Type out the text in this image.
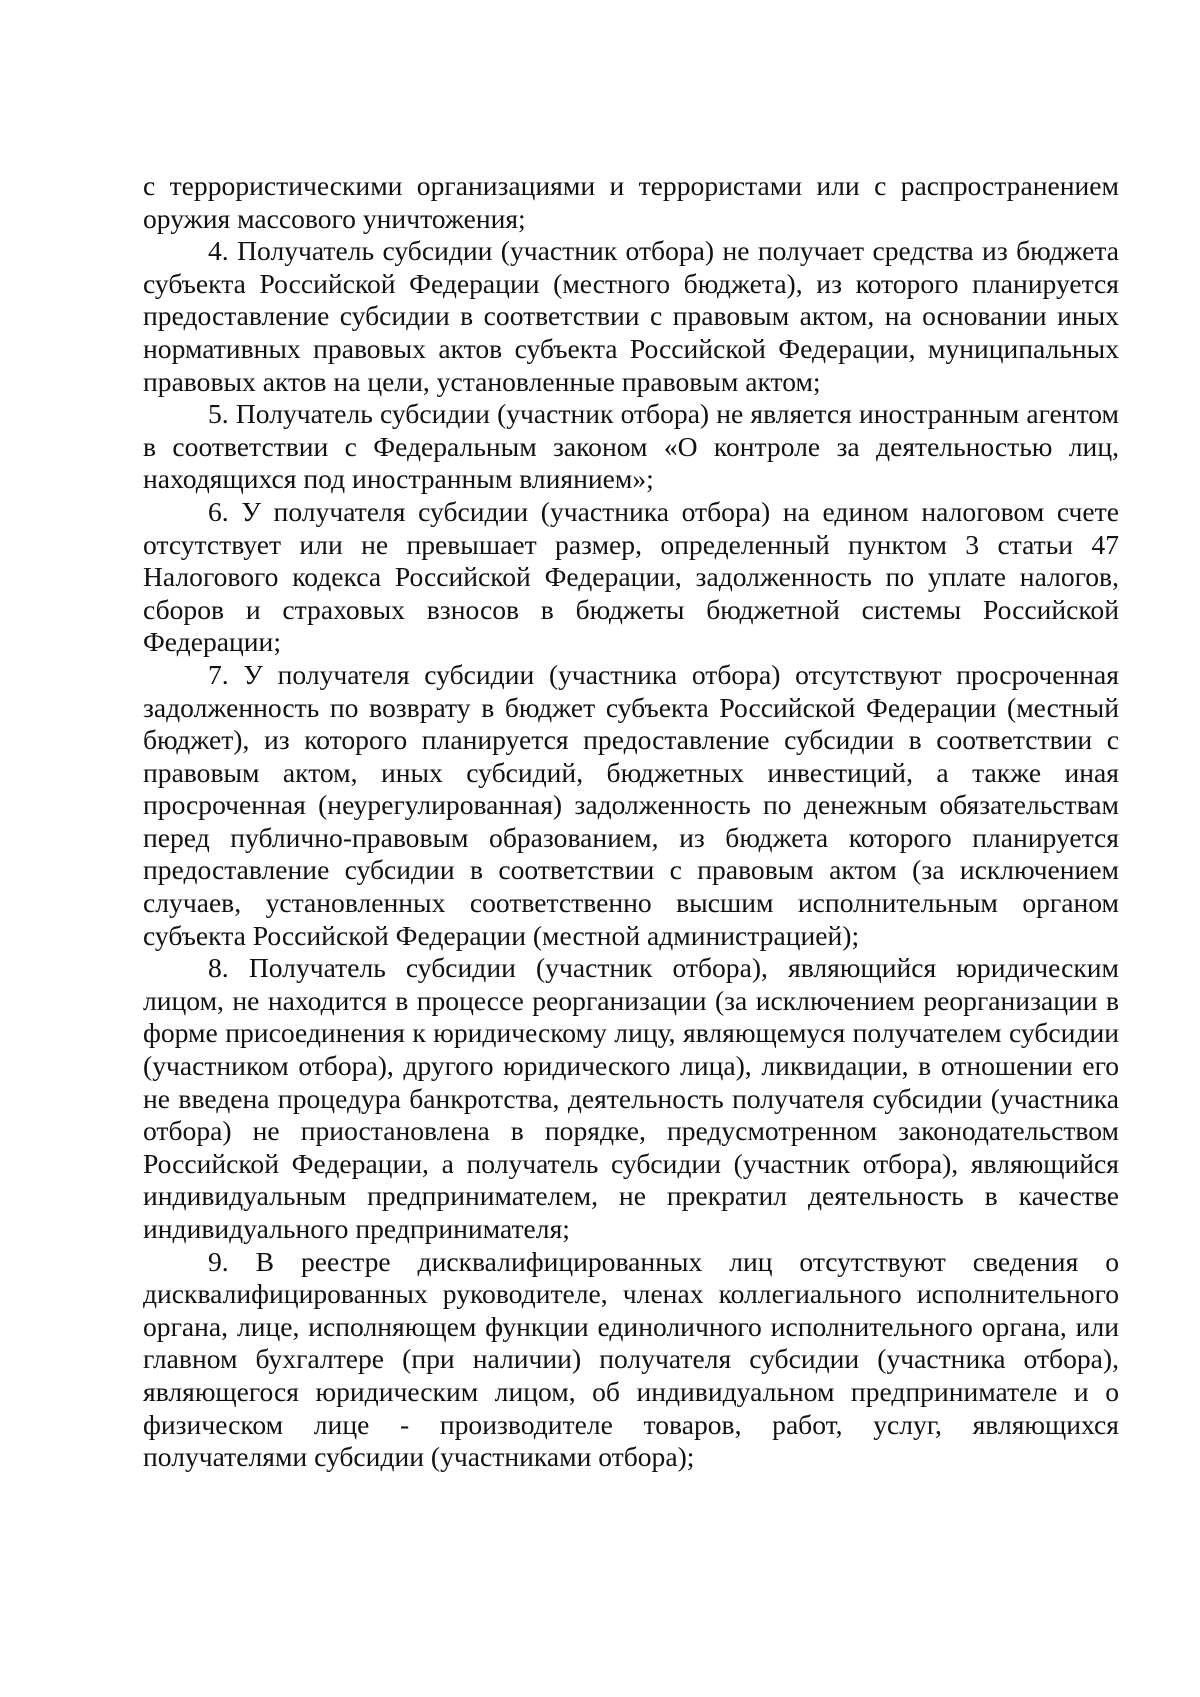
с террористическими организациями и террористами или с распространением оружия массового уничтожения;

4. Получатель субсидии (участник отбора) не получает средства из бюджета субъекта Российской Федерации (местного бюджета), из которого планируется предоставление субсидии в соответствии с правовым актом, на основании иных нормативных правовых актов субъекта Российской Федерации, муниципальных правовых актов на цели, установленные правовым актом;

5. Получатель субсидии (участник отбора) не является иностранным агентом в соответствии с Федеральным законом «О контроле за деятельностью лиц, находящихся под иностранным влиянием»;

6. У получателя субсидии (участника отбора) на едином налоговом счете отсутствует или не превышает размер, определенный пунктом 3 статьи 47 Налогового кодекса Российской Федерации, задолженность по уплате налогов, сборов и страховых взносов в бюджеты бюджетной системы Российской Федерации;

7. У получателя субсидии (участника отбора) отсутствуют просроченная задолженность по возврату в бюджет субъекта Российской Федерации (местный бюджет), из которого планируется предоставление субсидии в соответствии с правовым актом, иных субсидий, бюджетных инвестиций, а также иная просроченная (неурегулированная) задолженность по денежным обязательствам перед публично-правовым образованием, из бюджета которого планируется предоставление субсидии в соответствии с правовым актом (за исключением случаев, установленных соответственно высшим исполнительным органом субъекта Российской Федерации (местной администрацией);

8. Получатель субсидии (участник отбора), являющийся юридическим лицом, не находится в процессе реорганизации (за исключением реорганизации в форме присоединения к юридическому лицу, являющемуся получателем субсидии (участником отбора), другого юридического лица), ликвидации, в отношении его не введена процедура банкротства, деятельность получателя субсидии (участника отбора) не приостановлена в порядке, предусмотренном законодательством Российской Федерации, а получатель субсидии (участник отбора), являющийся индивидуальным предпринимателем, не прекратил деятельность в качестве индивидуального предпринимателя;

9. В реестре дисквалифицированных лиц отсутствуют сведения о дисквалифицированных руководителе, членах коллегиального исполнительного органа, лице, исполняющем функции единоличного исполнительного органа, или главном бухгалтере (при наличии) получателя субсидии (участника отбора), являющегося юридическим лицом, об индивидуальном предпринимателе и о физическом лице - производителе товаров, работ, услуг, являющихся получателями субсидии (участниками отбора);
